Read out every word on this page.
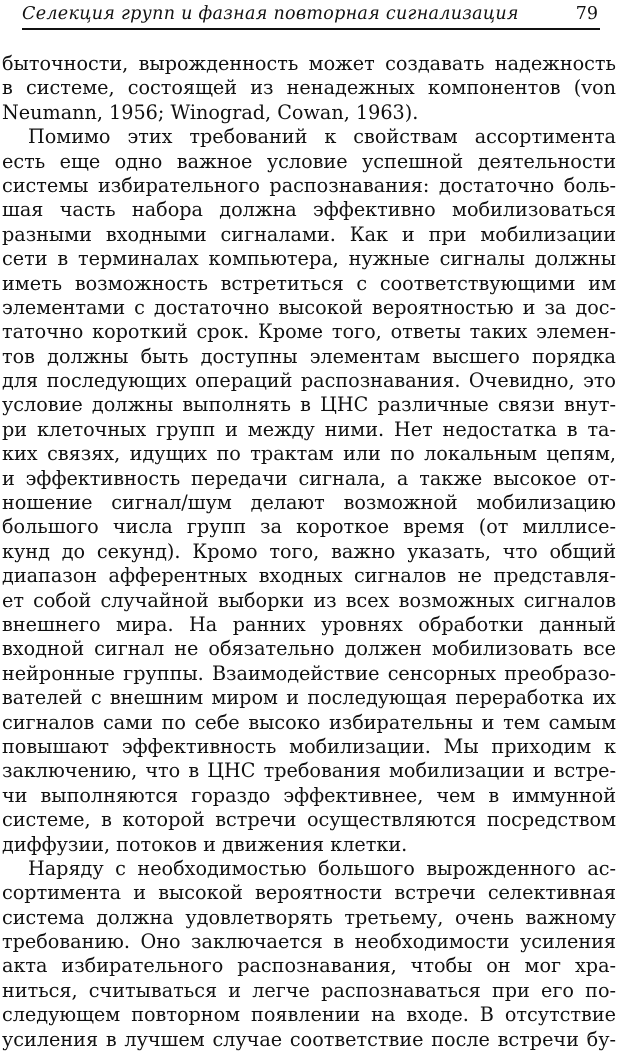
Селекция групп и фазная повторная сигнализация	79
быточности, вырожденность может создавать надежность
в системе, состоящей из ненадежных компонентов (von
Neumann, 1956; Winograd, Cowan, 1963).
Помимо этих требований к свойствам ассортимента
есть еще одно важное условие успешной деятельности
системы избирательного распознавания: достаточно боль-
шая часть набора должна эффективно мобилизоваться
разными входными сигналами. Как и при мобилизации
сети в терминалах компьютера, нужные сигналы должны
иметь возможность встретиться с соответствующими им
элементами с достаточно высокой вероятностью и за дос-
таточно короткий срок. Кроме того, ответы таких элемен-
тов должны быть доступны элементам высшего порядка
для последующих операций распознавания. Очевидно, это
условие должны выполнять в ЦНС различные связи внут-
ри клеточных групп и между ними. Нет недостатка в та-
ких связях, идущих по трактам или по локальным цепям,
и эффективность передачи сигнала, а также высокое от-
ношение сигнал/шум делают возможной мобилизацию
большого числа групп за короткое время (от миллисе-
кунд до секунд). Кромо того, важно указать, что общий
диапазон афферентных входных сигналов не представля-
ет собой случайной выборки из всех возможных сигналов
внешнего мира. На ранних уровнях обработки данный
входной сигнал не обязательно должен мобилизовать все
нейронные группы. Взаимодействие сенсорных преобразо-
вателей с внешним миром и последующая переработка их
сигналов сами по себе высоко избирательны и тем самым
повышают эффективность мобилизации. Мы приходим к
заключению, что в ЦНС требования мобилизации и встре-
чи выполняются гораздо эффективнее, чем в иммунной
системе, в которой встречи осуществляются посредством
диффузии, потоков и движения клетки.
Наряду с необходимостью большого вырожденного ас-
сортимента и высокой вероятности встречи селективная
система должна удовлетворять третьему, очень важному
требованию. Оно заключается в необходимости усиления
акта избирательного распознавания, чтобы он мог хра-
ниться, считываться и легче распознаваться при его по-
следующем повторном появлении на входе. В отсутствие
усиления в лучшем случае соответствие после встречи бу-
